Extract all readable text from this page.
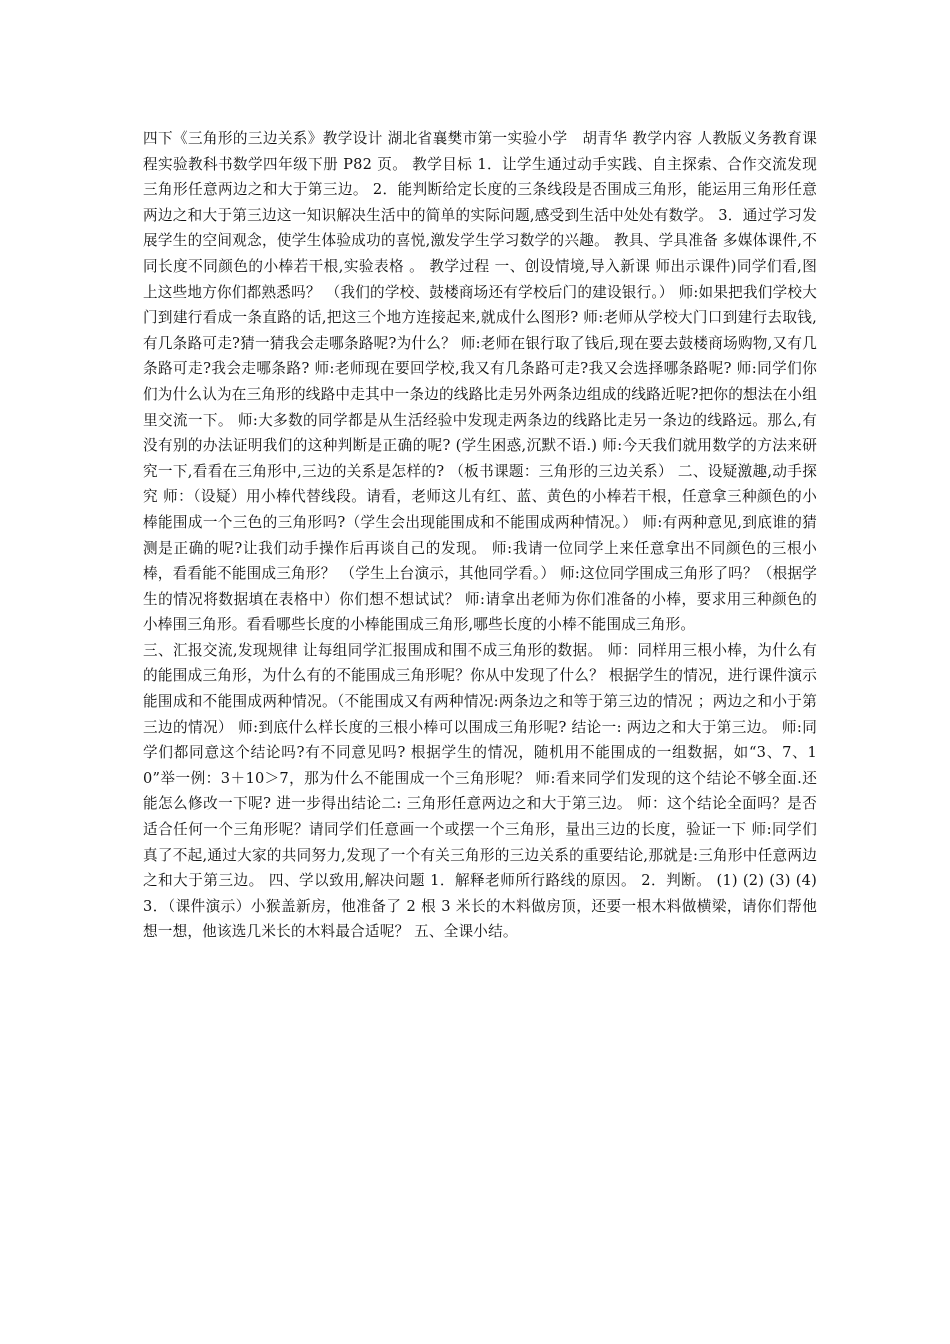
四下《三角形的三边关系》教学设计 湖北省襄樊市第一实验小学　胡青华 教学内容 人教版义务教育课程实验教科书数学四年级下册 P82 页。 教学目标 1．让学生通过动手实践、自主探索、合作交流发现三角形任意两边之和大于第三边。 2．能判断给定长度的三条线段是否围成三角形，能运用三角形任意两边之和大于第三边这一知识解决生活中的简单的实际问题,感受到生活中处处有数学。 3．通过学习发展学生的空间观念，使学生体验成功的喜悦,激发学生学习数学的兴趣。 教具、学具准备 多媒体课件,不同长度不同颜色的小棒若干根,实验表格 。 教学过程 一、创设情境,导入新课 师出示课件)同学们看,图上这些地方你们都熟悉吗？ （我们的学校、鼓楼商场还有学校后门的建设银行。） 师:如果把我们学校大门到建行看成一条直路的话,把这三个地方连接起来,就成什么图形? 师:老师从学校大门口到建行去取钱,有几条路可走?猜一猜我会走哪条路呢?为什么？ 师:老师在银行取了钱后,现在要去鼓楼商场购物,又有几条路可走?我会走哪条路? 师:老师现在要回学校,我又有几条路可走?我又会选择哪条路呢? 师:同学们你们为什么认为在三角形的线路中走其中一条边的线路比走另外两条边组成的线路近呢?把你的想法在小组里交流一下。 师:大多数的同学都是从生活经验中发现走两条边的线路比走另一条边的线路远。那么,有没有别的办法证明我们的这种判断是正确的呢? (学生困惑,沉默不语.) 师:今天我们就用数学的方法来研究一下,看看在三角形中,三边的关系是怎样的? （板书课题：三角形的三边关系） 二、设疑激趣,动手探究 师：（设疑）用小棒代替线段。请看，老师这儿有红、蓝、黄色的小棒若干根，任意拿三种颜色的小棒能围成一个三色的三角形吗?（学生会出现能围成和不能围成两种情况。） 师:有两种意见,到底谁的猜测是正确的呢?让我们动手操作后再谈自己的发现。 师:我请一位同学上来任意拿出不同颜色的三根小棒，看看能不能围成三角形？ （学生上台演示，其他同学看。） 师:这位同学围成三角形了吗？（根据学生的情况将数据填在表格中）你们想不想试试？ 师:请拿出老师为你们准备的小棒，要求用三种颜色的小棒围三角形。看看哪些长度的小棒能围成三角形,哪些长度的小棒不能围成三角形。

三、汇报交流,发现规律 让每组同学汇报围成和围不成三角形的数据。 师：同样用三根小棒，为什么有的能围成三角形，为什么有的不能围成三角形呢？你从中发现了什么？ 根据学生的情况，进行课件演示能围成和不能围成两种情况。（不能围成又有两种情况:两条边之和等于第三边的情况 ；两边之和小于第三边的情况） 师:到底什么样长度的三根小棒可以围成三角形呢? 结论一: 两边之和大于第三边。 师:同学们都同意这个结论吗?有不同意见吗? 根据学生的情况，随机用不能围成的一组数据，如“3、7、10”举一例：3＋10＞7，那为什么不能围成一个三角形呢？ 师:看来同学们发现的这个结论不够全面.还能怎么修改一下呢? 进一步得出结论二: 三角形任意两边之和大于第三边。 师：这个结论全面吗？是否适合任何一个三角形呢？请同学们任意画一个或摆一个三角形，量出三边的长度，验证一下 师:同学们真了不起,通过大家的共同努力,发现了一个有关三角形的三边关系的重要结论,那就是:三角形中任意两边之和大于第三边。 四、学以致用,解决问题 1．解释老师所行路线的原因。 2．判断。 (1) (2) (3) (4) 3．（课件演示）小猴盖新房，他准备了 2 根 3 米长的木料做房顶，还要一根木料做横梁，请你们帮他想一想，他该选几米长的木料最合适呢？ 五、全课小结。
